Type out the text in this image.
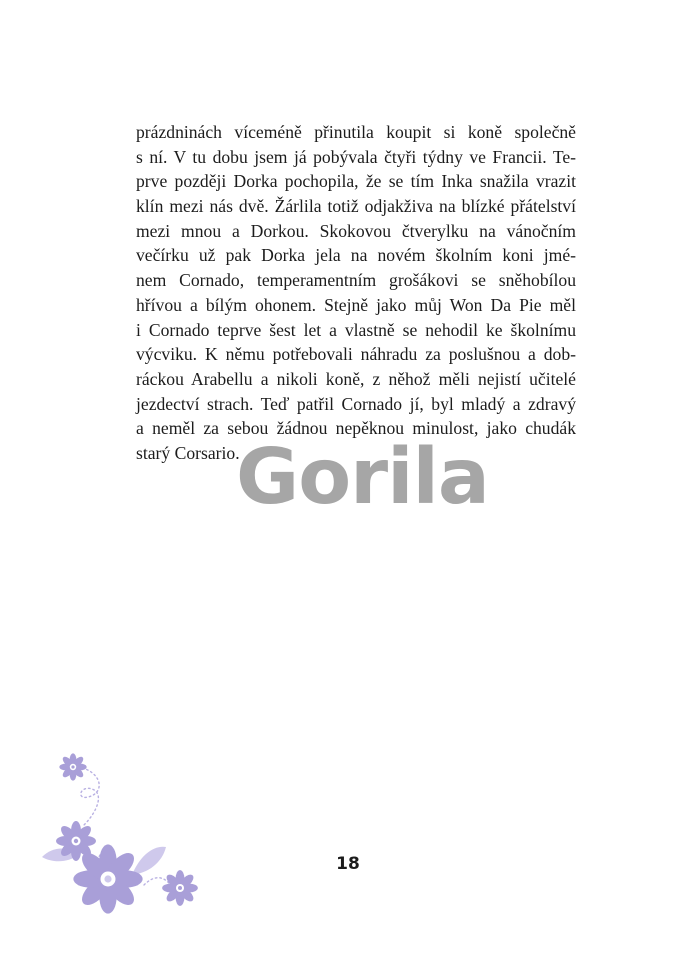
prázdninách víceméně přinutila koupit si koně společně
s ní. V tu dobu jsem já pobývala čtyři týdny ve Francii. Te-
prve později Dorka pochopila, že se tím Inka snažila vrazit
klín mezi nás dvě. Žárlila totiž odjakživa na blízké přátelství
mezi mnou a Dorkou. Skokovou čtverylku na vánočním
večírku už pak Dorka jela na novém školním koni jmé-
nem Cornado, temperamentním grošákovi se sněhobílou
hřívou a bílým ohonem. Stejně jako můj Won Da Pie měl
i Cornado teprve šest let a vlastně se nehodil ke školnímu
výcviku. K němu potřebovali náhradu za poslušnou a dob-
ráckou Arabellu a nikoli koně, z něhož měli nejistí učitelé
jezdectví strach. Teď patřil Cornado jí, byl mladý a zdravý
a neměl za sebou žádnou nepěknou minulost, jako chudák
starý Corsario.
Gorila
18
